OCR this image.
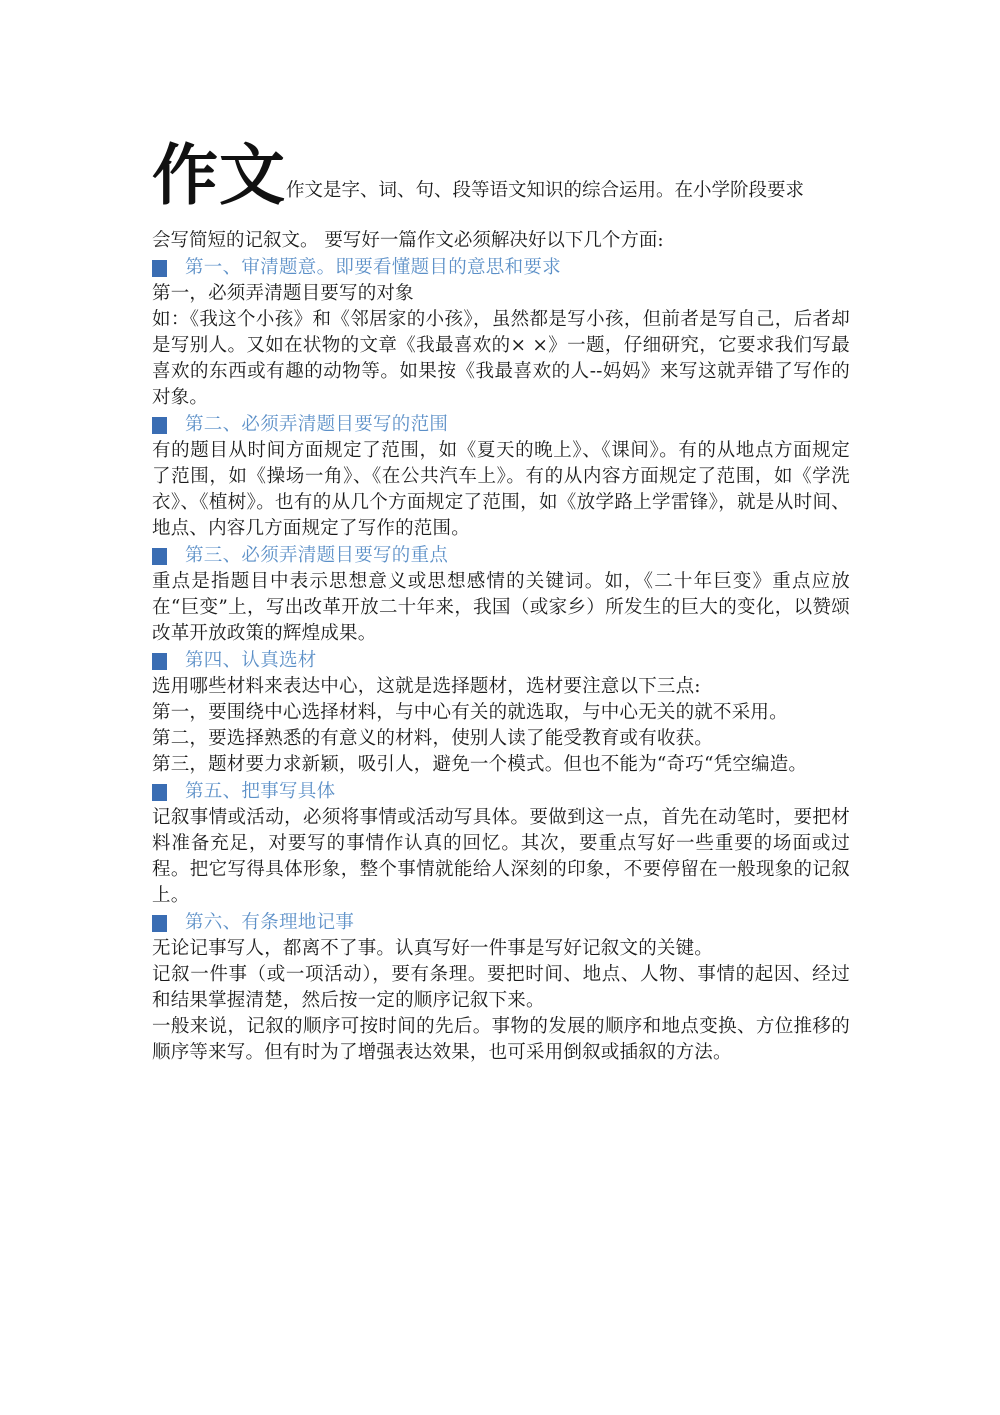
作文 作文是字、词、句、段等语文知识的综合运用。在小学阶段要求
会写简短的记叙文。 要写好一篇作文必须解决好以下几个方面:
第一、审清题意。即要看懂题目的意思和要求

第一，必须弄清题目要写的对象

如：《我这个小孩》和《邻居家的小孩》，虽然都是写小孩，但前者是写自己，后者却是写别人。又如在状物的文章《我最喜欢的× ×》一题，仔细研究，它要求我们写最喜欢的东西或有趣的动物等。如果按《我最喜欢的人--妈妈》来写这就弄错了写作的对象。

第二、必须弄清题目要写的范围

有的题目从时间方面规定了范围，如《夏天的晚上》、《课间》。有的从地点方面规定了范围，如《操场一角》、《在公共汽车上》。有的从内容方面规定了范围，如《学洗衣》、《植树》。也有的从几个方面规定了范围，如《放学路上学雷锋》，就是从时间、地点、内容几方面规定了写作的范围。

第三、必须弄清题目要写的重点

重点是指题目中表示思想意义或思想感情的关键词。如，《二十年巨变》重点应放在“巨变”上，写出改革开放二十年来，我国（或家乡）所发生的巨大的变化，以赞颂改革开放政策的辉煌成果。

第四、认真选材

选用哪些材料来表达中心，这就是选择题材，选材要注意以下三点:

第一，要围绕中心选择材料，与中心有关的就选取，与中心无关的就不采用。

第二，要选择熟悉的有意义的材料，使别人读了能受教育或有收获。

第三，题材要力求新颖，吸引人，避免一个模式。但也不能为“奇巧“凭空编造。

第五、把事写具体

记叙事情或活动，必须将事情或活动写具体。要做到这一点，首先在动笔时，要把材料准备充足，对要写的事情作认真的回忆。其次，要重点写好一些重要的场面或过程。把它写得具体形象，整个事情就能给人深刻的印象，不要停留在一般现象的记叙上。

第六、有条理地记事

无论记事写人，都离不了事。认真写好一件事是写好记叙文的关键。

记叙一件事（或一项活动），要有条理。要把时间、地点、人物、事情的起因、经过和结果掌握清楚，然后按一定的顺序记叙下来。

一般来说，记叙的顺序可按时间的先后。事物的发展的顺序和地点变换、方位推移的顺序等来写。但有时为了增强表达效果，也可采用倒叙或插叙的方法。
